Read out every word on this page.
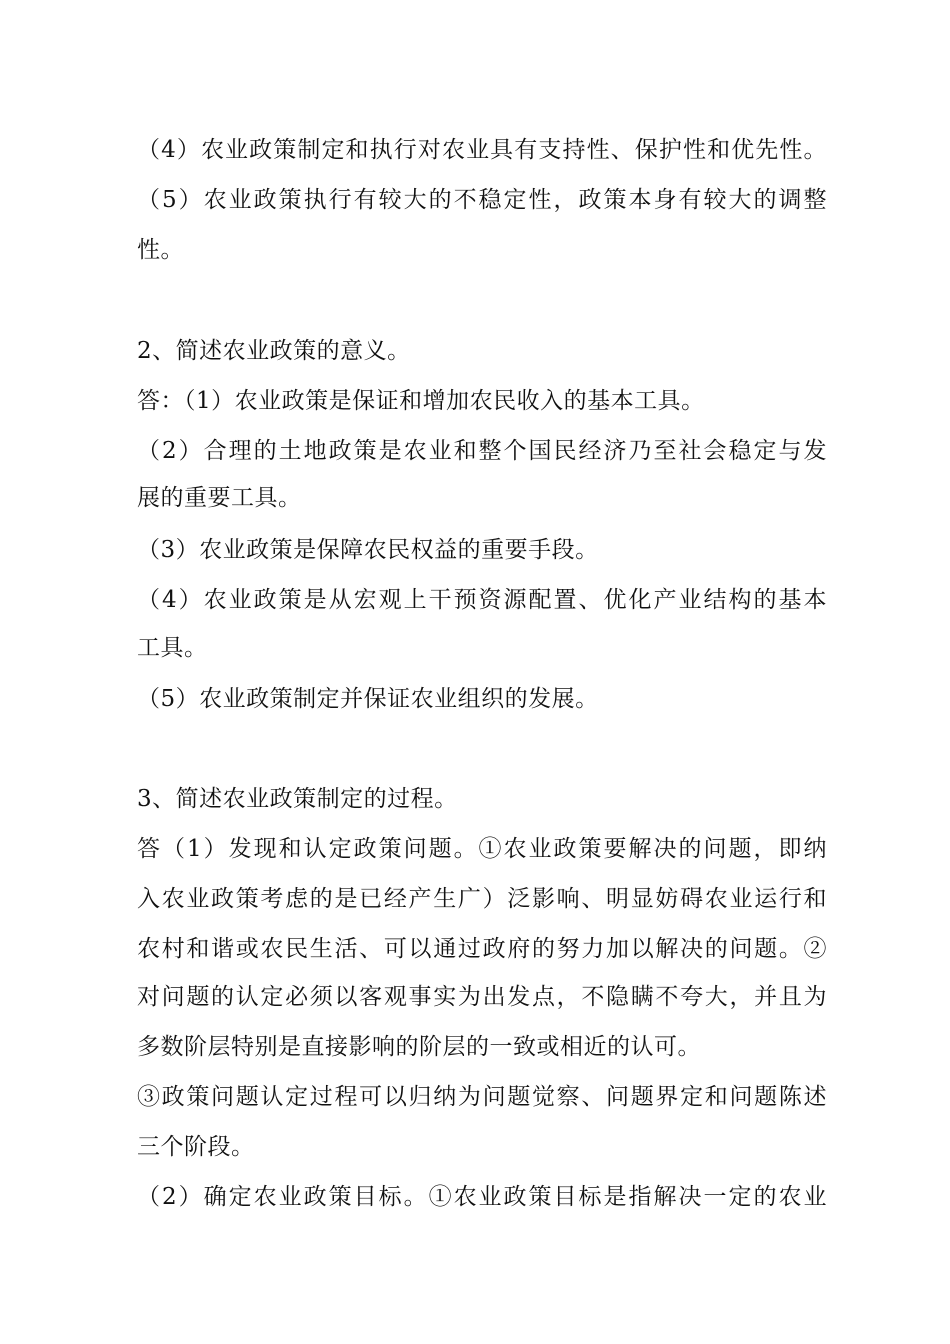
（4）农业政策制定和执行对农业具有支持性、保护性和优先性。
（5）农业政策执行有较大的不稳定性，政策本身有较大的调整
性。
2、简述农业政策的意义。
答：（1）农业政策是保证和增加农民收入的基本工具。
（2）合理的土地政策是农业和整个国民经济乃至社会稳定与发
展的重要工具。
（3）农业政策是保障农民权益的重要手段。
（4）农业政策是从宏观上干预资源配置、优化产业结构的基本
工具。
（5）农业政策制定并保证农业组织的发展。
3、简述农业政策制定的过程。
答（1）发现和认定政策问题。①农业政策要解决的问题，即纳
入农业政策考虑的是已经产生广）泛影响、明显妨碍农业运行和
农村和谐或农民生活、可以通过政府的努力加以解决的问题。②
对问题的认定必须以客观事实为出发点，不隐瞒不夸大，并且为
多数阶层特别是直接影响的阶层的一致或相近的认可。
③政策问题认定过程可以归纳为问题觉察、问题界定和问题陈述
三个阶段。
（2）确定农业政策目标。①农业政策目标是指解决一定的农业
